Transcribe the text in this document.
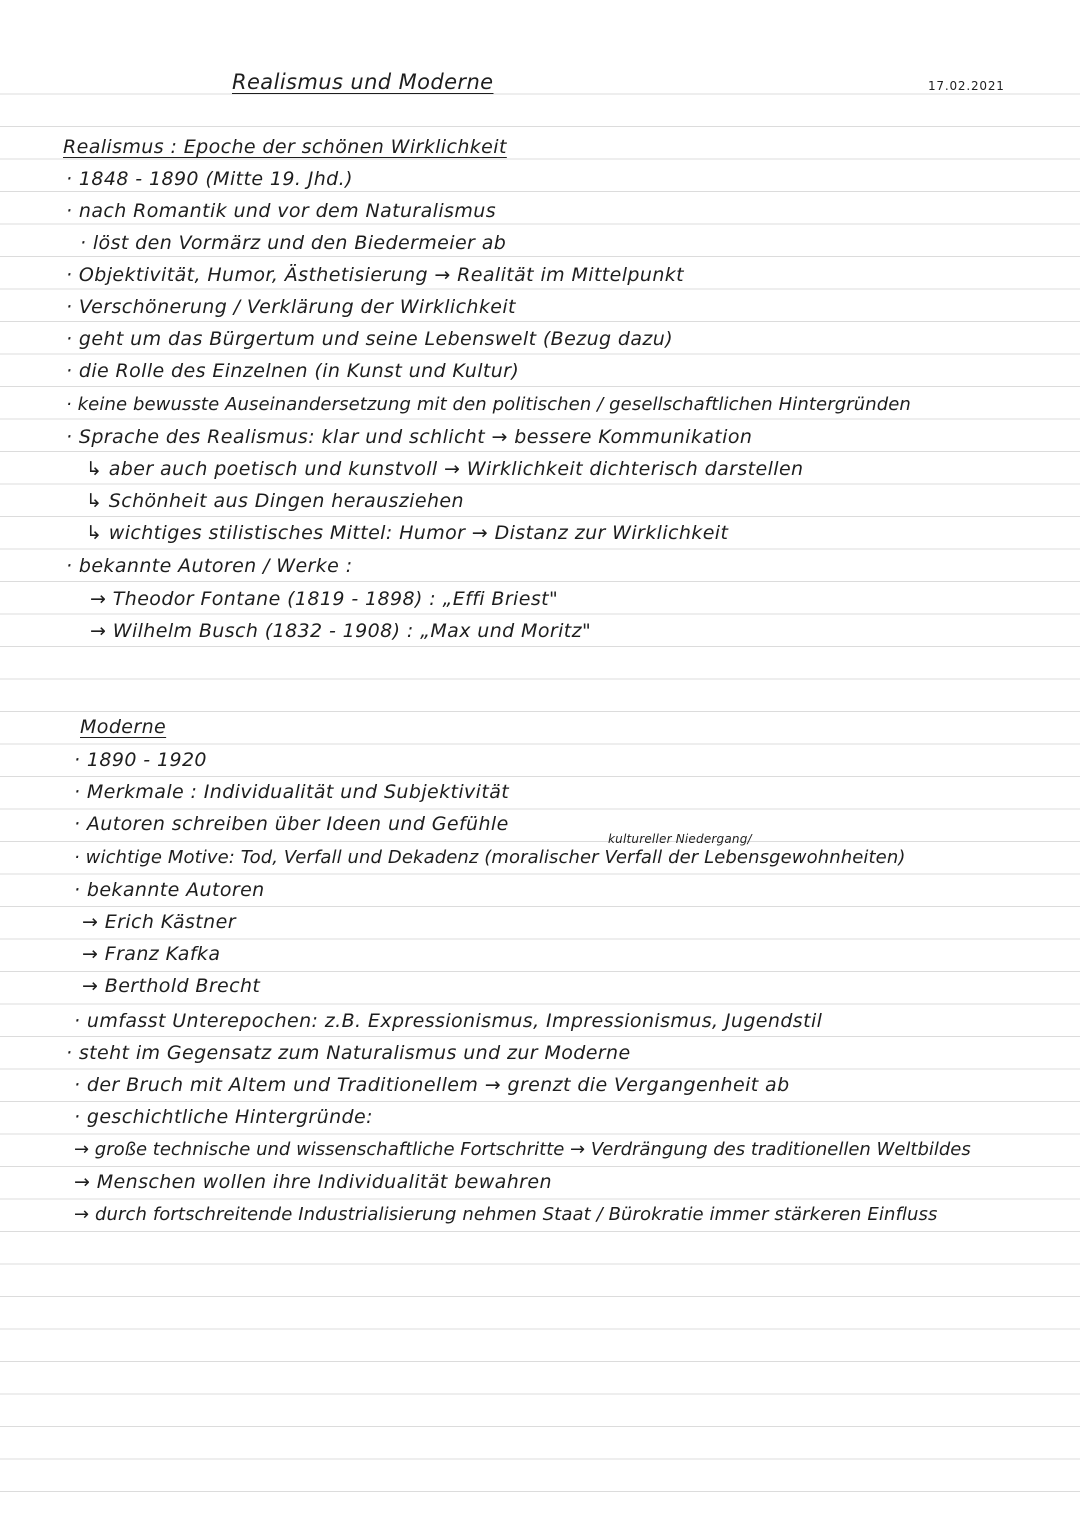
Realismus und Moderne	17.02.2021
Realismus : Epoche der schönen Wirklichkeit
· 1848 - 1890 (Mitte 19. Jhd.)
· nach Romantik und vor dem Naturalismus
· löst den Vormärz und den Biedermeier ab
· Objektivität, Humor, Ästhetisierung → Realität im Mittelpunkt
· Verschönerung / Verklärung der Wirklichkeit
· geht um das Bürgertum und seine Lebenswelt (Bezug dazu)
· die Rolle des Einzelnen (in Kunst und Kultur)
· keine bewusste Auseinandersetzung mit den politischen / gesellschaftlichen Hintergründen
· Sprache des Realismus: klar und schlicht → bessere Kommunikation
↳ aber auch poetisch und kunstvoll → Wirklichkeit dichterisch darstellen
↳ Schönheit aus Dingen herausziehen
↳ wichtiges stilistisches Mittel: Humor → Distanz zur Wirklichkeit
· bekannte Autoren / Werke :
→ Theodor Fontane (1819 - 1898) : „Effi Briest"
→ Wilhelm Busch (1832 - 1908) : „Max und Moritz"
Moderne
· 1890 - 1920
· Merkmale : Individualität und Subjektivität
· Autoren schreiben über Ideen und Gefühle
kultureller Niedergang/
· wichtige Motive: Tod, Verfall und Dekadenz (moralischer Verfall der Lebensgewohnheiten)
· bekannte Autoren
→ Erich Kästner
→ Franz Kafka
→ Berthold Brecht
· umfasst Unterepochen: z.B. Expressionismus, Impressionismus, Jugendstil
· steht im Gegensatz zum Naturalismus und zur Moderne
· der Bruch mit Altem und Traditionellem → grenzt die Vergangenheit ab
· geschichtliche Hintergründe:
→ große technische und wissenschaftliche Fortschritte → Verdrängung des traditionellen Weltbildes
→ Menschen wollen ihre Individualität bewahren
→ durch fortschreitende Industrialisierung nehmen Staat / Bürokratie immer stärkeren Einfluss
